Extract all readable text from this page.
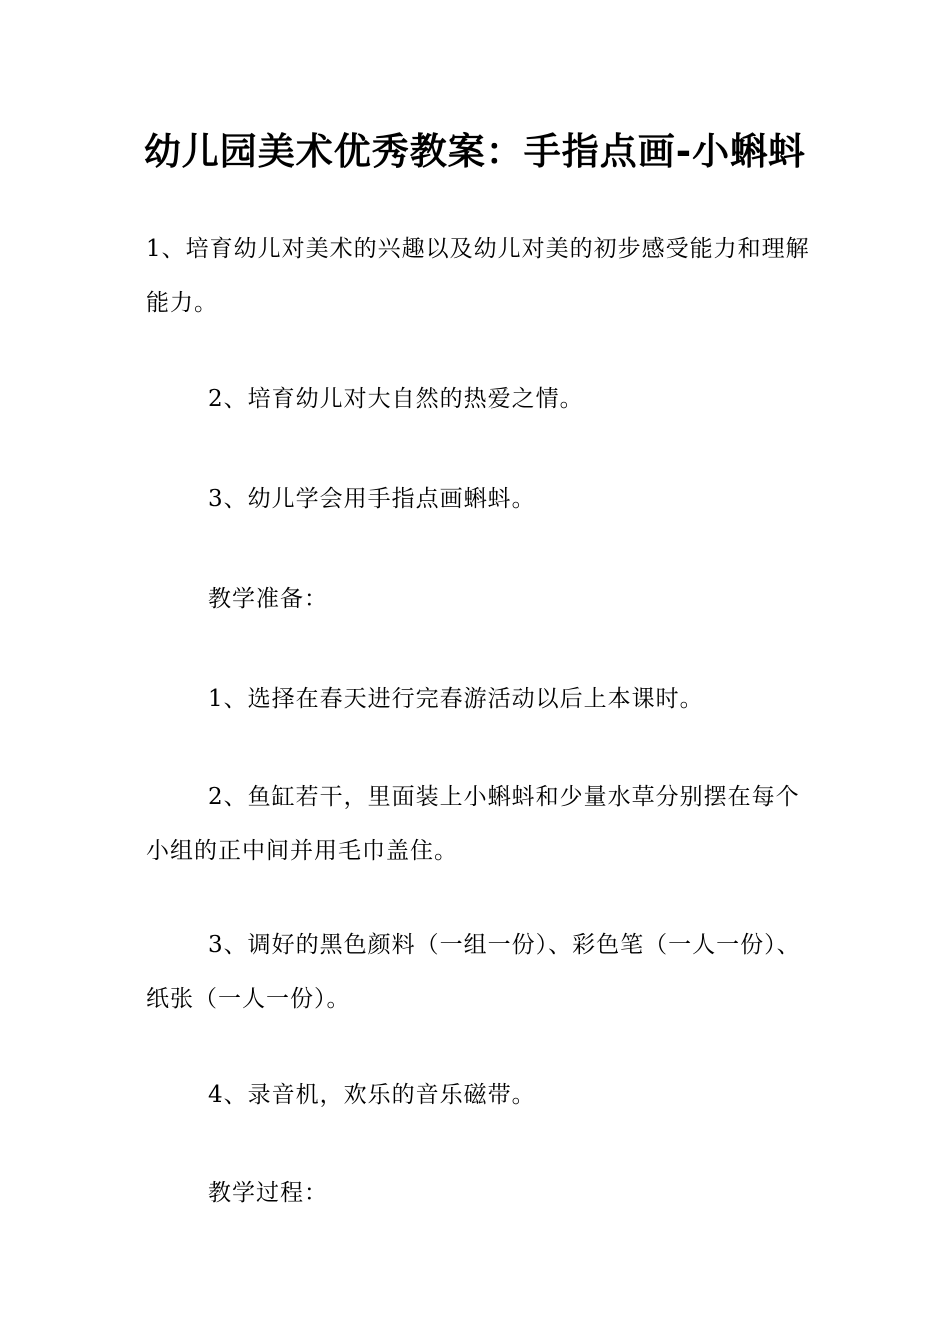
幼儿园美术优秀教案：手指点画-小蝌蚪
1、培育幼儿对美术的兴趣以及幼儿对美的初步感受能力和理解能力。
2、培育幼儿对大自然的热爱之情。
3、幼儿学会用手指点画蝌蚪。
教学准备：
1、选择在春天进行完春游活动以后上本课时。
2、鱼缸若干，里面装上小蝌蚪和少量水草分别摆在每个小组的正中间并用毛巾盖住。
3、调好的黑色颜料（一组一份）、彩色笔（一人一份）、纸张（一人一份）。
4、录音机，欢乐的音乐磁带。
教学过程：
